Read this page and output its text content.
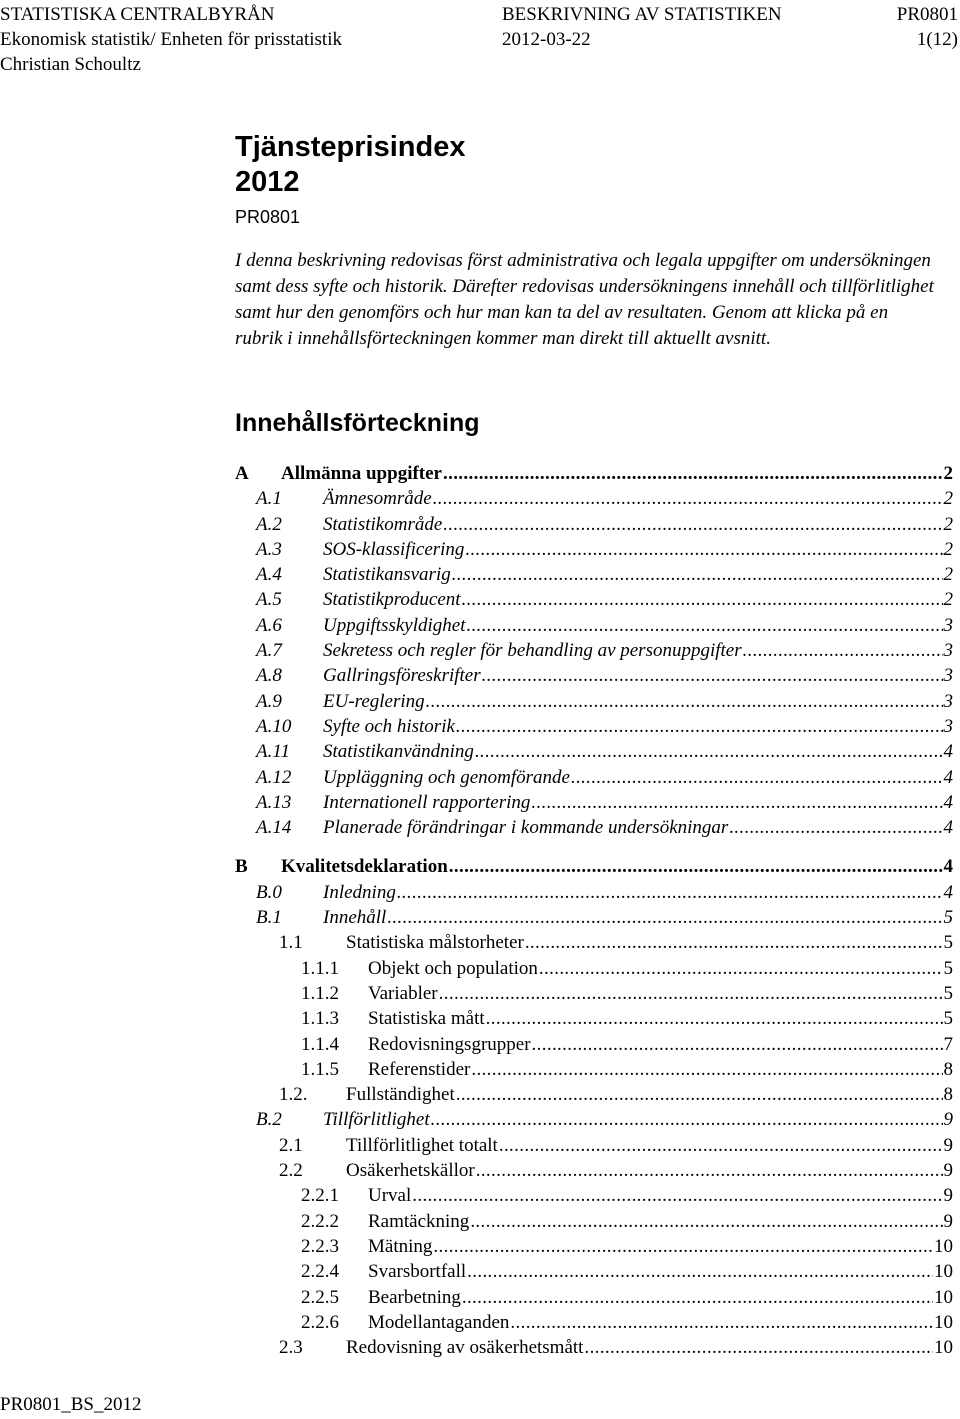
STATISTISKA CENTRALBYRÅN
Ekonomisk statistik/ Enheten för prisstatistik
Christian Schoultz
BESKRIVNING AV STATISTIKEN
2012-03-22
PR0801
1(12)
Tjänsteprisindex
2012
PR0801

I denna beskrivning redovisas först administrativa och legala uppgifter om undersökningen samt dess syfte och historik. Därefter redovisas undersökningens innehåll och tillförlitlighet samt hur den genomförs och hur man kan ta del av resultaten. Genom att klicka på en rubrik i innehållsförteckningen kommer man direkt till aktuellt avsnitt.

Innehållsförteckning
A	Allmänna uppgifter . . .	2
A.1	Ämnesområde . . .	2
A.2	Statistikområde . . .	2
A.3	SOS-klassificering . . .	2
A.4	Statistikansvarig . . .	2
A.5	Statistikproducent . . .	2
A.6	Uppgiftsskyldighet . . .	3
A.7	Sekretess och regler för behandling av personuppgifter . . .	3
A.8	Gallringsföreskrifter . . .	3
A.9	EU-reglering . . .	3
A.10	Syfte och historik . . .	3
A.11	Statistikanvändning . . .	4
A.12	Uppläggning och genomförande . . .	4
A.13	Internationell rapportering . . .	4
A.14	Planerade förändringar i kommande undersökningar . . .	4
B	Kvalitetsdeklaration . . .	4
B.0	Inledning . . .	4
B.1	Innehåll . . .	5
1.1	Statistiska målstorheter . . .	5
1.1.1	Objekt och population . . .	5
1.1.2	Variabler . . .	5
1.1.3	Statistiska mått . . .	5
1.1.4	Redovisningsgrupper . . .	7
1.1.5	Referenstider . . .	8
1.2.	Fullständighet . . .	8
B.2	Tillförlitlighet . . .	9
2.1	Tillförlitlighet totalt . . .	9
2.2	Osäkerhetskällor . . .	9
2.2.1	Urval . . .	9
2.2.2	Ramtäckning . . .	9
2.2.3	Mätning . . .	10
2.2.4	Svarsbortfall . . .	10
2.2.5	Bearbetning . . .	10
2.2.6	Modellantaganden . . .	10
2.3	Redovisning av osäkerhetsmått . . .	10
PR0801_BS_2012
